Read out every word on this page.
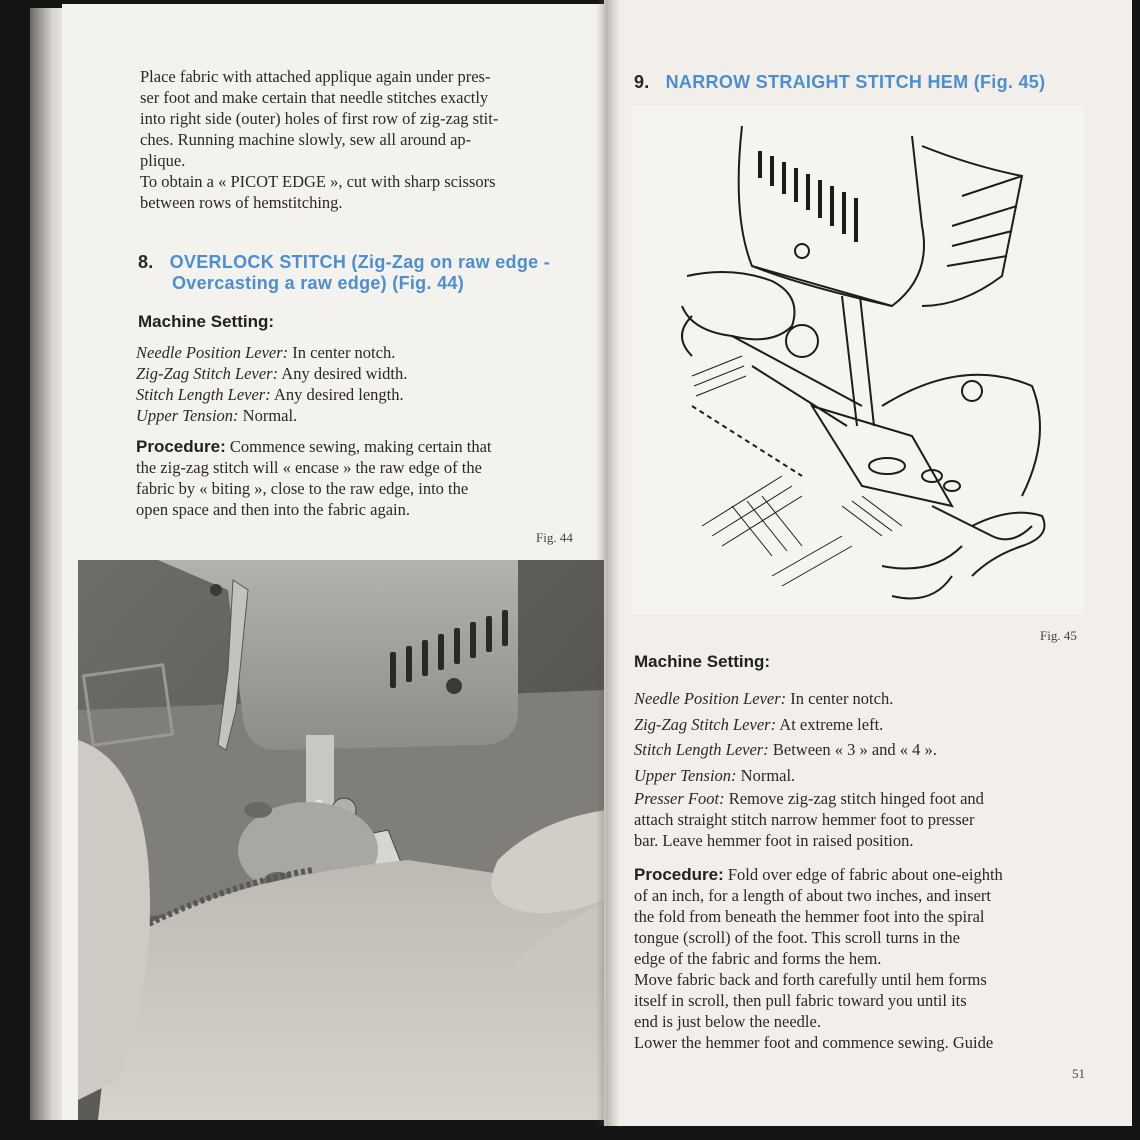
Place fabric with attached applique again under pres-
ser foot and make certain that needle stitches exactly
into right side (outer) holes of first row of zig-zag stit-
ches. Running machine slowly, sew all around ap-
plique.
To obtain a « PICOT EDGE », cut with sharp scissors
between rows of hemstitching.
8. OVERLOCK STITCH (Zig-Zag on raw edge -
Overcasting a raw edge) (Fig. 44)
Machine Setting:
Needle Position Lever: In center notch.
Zig-Zag Stitch Lever: Any desired width.
Stitch Length Lever: Any desired length.
Upper Tension: Normal.
Procedure: Commence sewing, making certain that
the zig-zag stitch will « encase » the raw edge of the
fabric by « biting », close to the raw edge, into the
open space and then into the fabric again.
Fig. 44
9. NARROW STRAIGHT STITCH HEM (Fig. 45)
Fig. 45
Machine Setting:
Needle Position Lever: In center notch.
Zig-Zag Stitch Lever: At extreme left.
Stitch Length Lever: Between « 3 » and « 4 ».
Upper Tension: Normal.
Presser Foot: Remove zig-zag stitch hinged foot and
attach straight stitch narrow hemmer foot to presser
bar. Leave hemmer foot in raised position.
Procedure: Fold over edge of fabric about one-eighth
of an inch, for a length of about two inches, and insert
the fold from beneath the hemmer foot into the spiral
tongue (scroll) of the foot. This scroll turns in the
edge of the fabric and forms the hem.
Move fabric back and forth carefully until hem forms
itself in scroll, then pull fabric toward you until its
end is just below the needle.
Lower the hemmer foot and commence sewing. Guide
51
